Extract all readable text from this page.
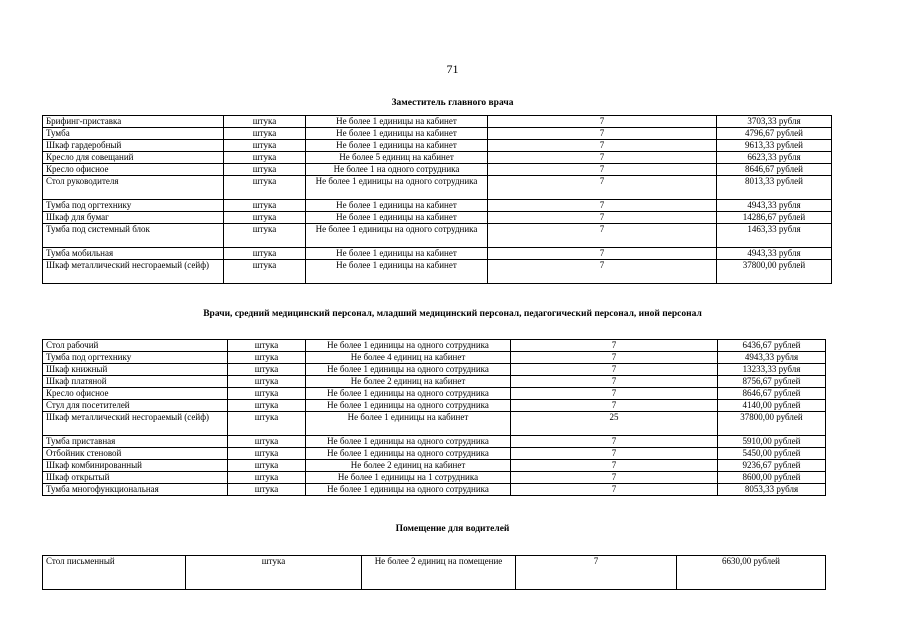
71
Заместитель главного врача
Брифинг-приставка	штука	Не более 1 единицы на кабинет	7	3703,33 рубля
Тумба	штука	Не более 1 единицы на кабинет	7	4796,67 рублей
Шкаф гардеробный	штука	Не более 1 единицы на кабинет	7	9613,33 рублей
Кресло для совещаний	штука	Не более 5 единиц на кабинет	7	6623,33 рубля
Кресло офисное	штука	Не более 1 на одного сотрудника	7	8646,67 рублей
Стол руководителя	штука	Не более 1 единицы на одного сотрудника	7	8013,33 рублей
Тумба под оргтехнику	штука	Не более 1 единицы на кабинет	7	4943,33 рубля
Шкаф для бумаг	штука	Не более 1 единицы на кабинет	7	14286,67 рублей
Тумба под системный блок	штука	Не более 1 единицы на одного сотрудника	7	1463,33 рубля
Тумба мобильная	штука	Не более 1 единицы на кабинет	7	4943,33 рубля
Шкаф металлический несгораемый (сейф)	штука	Не более 1 единицы на кабинет	7	37800,00 рублей
Врачи, средний медицинский персонал, младший медицинский персонал, педагогический персонал, иной персонал
Стол рабочий	штука	Не более 1 единицы на одного сотрудника	7	6436,67 рублей
Тумба под оргтехнику	штука	Не более 4 единиц на кабинет	7	4943,33 рубля
Шкаф книжный	штука	Не более 1 единицы на одного сотрудника	7	13233,33 рубля
Шкаф платяной	штука	Не более 2 единиц на кабинет	7	8756,67 рублей
Кресло офисное	штука	Не более 1 единицы на одного сотрудника	7	8646,67 рублей
Стул для посетителей	штука	Не более 1 единицы на одного сотрудника	7	4140,00 рублей
Шкаф металлический несгораемый (сейф)	штука	Не более 1 единицы на кабинет	25	37800,00 рублей
Тумба приставная	штука	Не более 1 единицы на одного сотрудника	7	5910,00 рублей
Отбойник стеновой	штука	Не более 1 единицы на одного сотрудника	7	5450,00 рублей
Шкаф комбинированный	штука	Не более 2 единиц на кабинет	7	9236,67 рублей
Шкаф открытый	штука	Не более 1 единицы на 1 сотрудника	7	8600,00 рублей
Тумба многофункциональная	штука	Не более 1 единицы на одного сотрудника	7	8053,33 рубля
Помещение для водителей
Стол письменный	штука	Не более 2 единиц на помещение	7	6630,00 рублей
